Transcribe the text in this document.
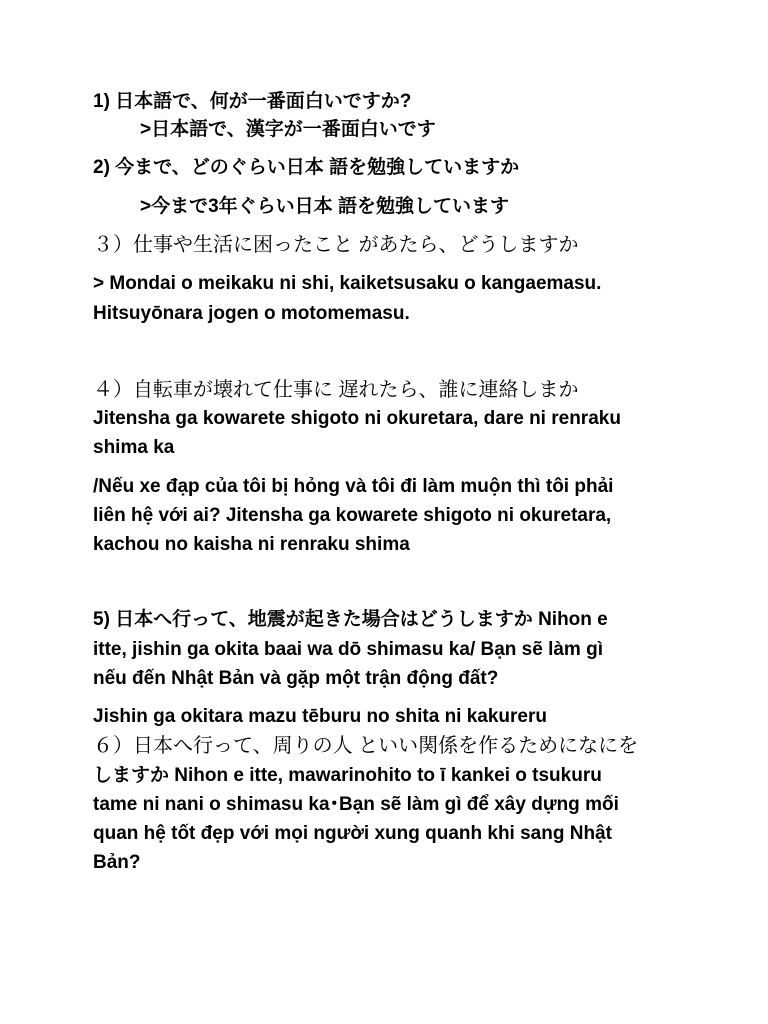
1) 日本語で、何が一番面白いですか?
>日本語で、漢字が一番面白いです
2) 今まで、どのぐらい日本 語を勉強していますか
>今まで3年ぐらい日本 語を勉強しています
３）仕事や生活に困ったこと があたら、どうしますか
> Mondai o meikaku ni shi, kaiketsusaku o kangaemasu.
Hitsuyōnara jogen o motomemasu.
４）自転車が壊れて仕事に 遅れたら、誰に連絡しまか
Jitensha ga kowarete shigoto ni okuretara, dare ni renraku
shima ka
/Nếu xe đạp của tôi bị hỏng và tôi đi làm muộn thì tôi phải
liên hệ với ai? Jitensha ga kowarete shigoto ni okuretara,
kachou no kaisha ni renraku shima
5) 日本へ行って、地震が起きた場合はどうしますか Nihon e
itte, jishin ga okita baai wa dō shimasu ka/ Bạn sẽ làm gì
nếu đến Nhật Bản và gặp một trận động đất?
Jishin ga okitara mazu tēburu no shita ni kakureru
６）日本へ行って、周りの人 といい関係を作るためになにを
しますか Nihon e itte, mawarinohito to ī kankei o tsukuru
tame ni nani o shimasu ka･Bạn sẽ làm gì để xây dựng mối
quan hệ tốt đẹp với mọi người xung quanh khi sang Nhật
Bản?
